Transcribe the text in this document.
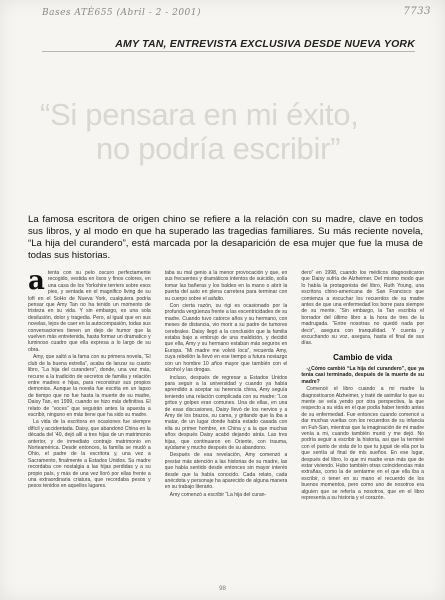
Bases ATÈ655 (Abril - 2 - 2001)	7733
AMY TAN, ENTREVISTA EXCLUSIVA DESDE NUEVA YORK
“Si pensara en mi éxito,
no podría escribir”
La famosa escritora de origen chino se refiere a la relación con su madre, clave en todos sus libros, y al modo en que ha superado las tragedias familiares. Su más reciente novela, “La hija del curandero”, está marcada por la desaparición de esa mujer que fue la musa de todas sus historias.
a tenta con su pelo oscuro perfectamente recogido, vestida en lisos y finos colores, en una casa de los Yorkshire terriers sobre esos pies, y sentada en el magnifico living de su loft en el SoHo de Nueva York, cualquiera podria pensar que Amy Tan no ha tenido un momento de tristeza en su vida. Y sin embargo, es una sola desilusión, dolor y tragedia. Pero, al igual que en sus novelas, lejos de caer en la autocompasión, todas sus conversaciones tienen un dejo de humor que la vuelven más entretenida, hasta formar un dramatico y luminoso cuadro que ella expresa a lo largo de su obra.

Amy, que saltó a la fama con su primera novela, “El club de la buena estrella”, acaba de lanzar su cuarto libro, “La hija del curandero”, donde, una vez más, recurre a la tradición de secretos de familia y relación entre madres e hijas, para reconstruir sus propios demonios. Aunque la novela fue escrita en un lapso de tiempo que no fue hasta la muerte de su madre, Daisy Tan, en 1999, cuando se hizo más definitiva. El relato de “voces” que seguirán antes la apuesta a escribir, ninguno en más tiene que ha sido su madre.

La vida de la escritora en ocasiones fue siempre difícil y accidentada. Daisy, que abandonó China en la década del ’40, dejó allí a tres hijas de un matrimonio anterior, y de inmediato contrajo matrimonio en Norteamérica. Desde entonces, la familia se mudó a Ohio, el padre de la escritora y, una vez a Sacramento, finalmente a Estados Unidos. Su madre recordaba con nostalgia a las hijas perdidas y a su propio país, y más de una vez lloró por ellas frente a una extraordinaria criatura, que recordaba pesos y pesos tenidos en aquellos lugares.

taba su mal genio a la menor provocación y que, en sus frecuentes y dramáticos intentos de suicidio, solía tomar las bañeras y los baldes en la mano o abrir la puerta del auto en plena carretera para terminar con su cuerpo sobre el asfalto.

Con cierta razón, su rigi es ocasionado por la profunda vergüenza frente a las excentricidades de su madre. Cuando tuvo catorce años y su hermano, con meses de distancia, vio morir a su padre de tumores cerebrales. Daisy llegó a la conclusión que la familia estaba bajo a embrujo de una maldición, y decidió que ella, Amy y su hermano estaban más seguros en Europa. “Mi madre me volvió loca”, recuerda Amy, cuya rebelión la llevó en ese tiempo a futura noviazgo con un hombre 10 años mayor que también con el alcohol y las drogas.

Incluso, después de regresar a Estados Unidos para seguir a la universidad y cuando ya había aprendido a aceptar su herencia china, Amy seguía teniendo una relación complicada con su madre: “Los gritos y golpes eran comunes. Una de ellas, en una de esas discusiones, Daisy llevó de los nervios y a Amy de los brazos, su cama, y gritando que la iba a matar, de un lugar donde había estado casada con ella su primer hombre, en China y a la que muchas años después Daisy acabó dejando atrás. Las tres hijas, que continuaron en Oriente, con trauma, ayúdame y mucho después de su abandono.

Después de esa revelación, Amy comenzó a prestar más atención a las historias de su madre, las que había sentido desde entonces sin mayor interés desde que la había conocido. Cada relato, cada anécdota y personaje ha aparecido de alguna manera en su trabajo literario.

Amy comenzó a escribir “La hija del curan-

dero” en 1998, cuando los médicos diagnosticaron que Daisy sufría de Alzheimer. Del mismo modo que lo había la protagonista del libro, Ruth Young, una escritora chino-americana de San Francisco que comienza a escuchar los recuerdos de su madre antes de que una enfermedad los borre para siempre de su mente. “Sin embargo, la Tan escribía el borrador del último libro a la hora de tres de la madrugada. “Entre nosotras no quedó nada por decir”, asegura con tranquilidad. Y cuenta y escuchando su voz, asegura, hasta el final de sus días.

Cambio de vida

-¿Cómo cambió “La hija del curandero”, que ya tenía casi terminado, después de la muerte de su madre?

Comencé el libro cuando a mi madre la diagnosticaron Alzheimer, y traté de asimilar lo que su mente se veía yendo por otra perspectiva, la que respecto a su vida en el que podía haber tenido antes de su enfermedad. Fue entonces cuando comencé a dar muchas vueltas con los recuerdos de su infancia en Fuh-San, mientras que la imaginación de mi madre venía a mi, cuando también murió y me dejó. No podría seguir a escribir la historia, asi que la terminé con el punto de vista de lo que tu jugué de ella por la que sentía al final de mis sueños. En ese lugar, después del libro, lo que mi madre eran más que de estar viviendo. Hubo también otras coincidencias más extrañas, como la de sentarme en el que ella iba a escribir, o tener en su mano el recuerdo de los buenos momentos, pero como uno de nosotros era alguien que se refería a nosotros, que en el libro representa a su historia y el corazón.

98
